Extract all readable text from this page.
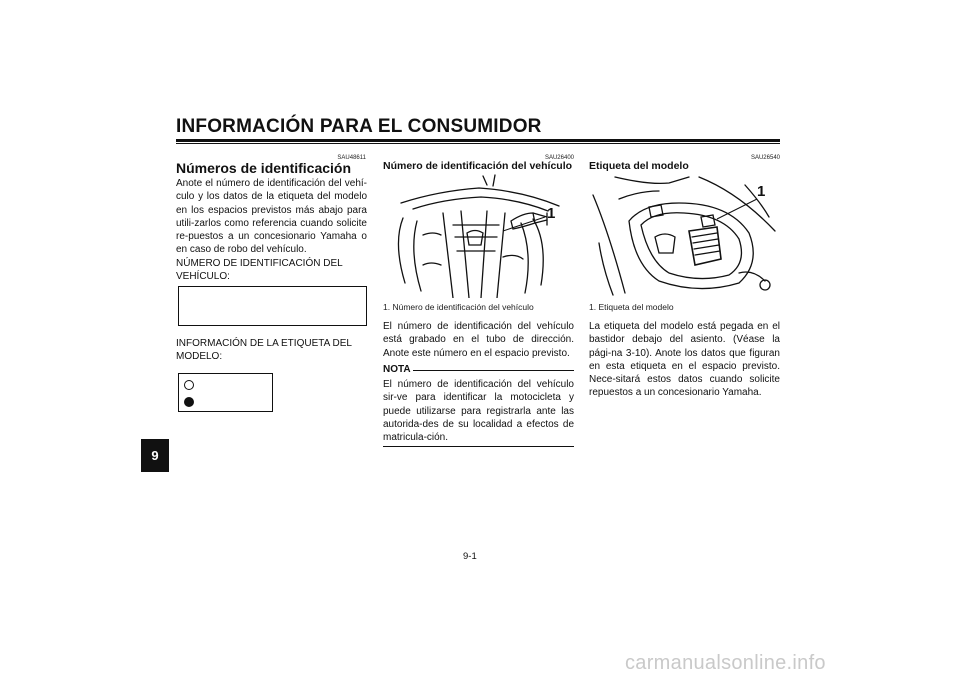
INFORMACIÓN PARA EL CONSUMIDOR
9
SAU48611
Números de identificación

Anote el número de identificación del vehí-culo y los datos de la etiqueta del modelo en los espacios previstos más abajo para utili-zarlos como referencia cuando solicite re-puestos a un concesionario Yamaha o en caso de robo del vehículo.

NÚMERO DE IDENTIFICACIÓN DEL

VEHÍCULO:

INFORMACIÓN DE LA ETIQUETA DEL

MODELO:

SAU26400
Número de identificación del vehículo
1
1. Número de identificación del vehículo
El número de identificación del vehículo está grabado en el tubo de dirección. Anote este número en el espacio previsto.
NOTA
El número de identificación del vehículo sir-ve para identificar la motocicleta y puede utilizarse para registrarla ante las autorida-des de su localidad a efectos de matricula-ción.
SAU26540
Etiqueta del modelo
1
1. Etiqueta del modelo
La etiqueta del modelo está pegada en el bastidor debajo del asiento. (Véase la pági-na 3-10). Anote los datos que figuran en esta etiqueta en el espacio previsto. Nece-sitará estos datos cuando solicite repuestos a un concesionario Yamaha.
9-1
carmanualsonline.info
